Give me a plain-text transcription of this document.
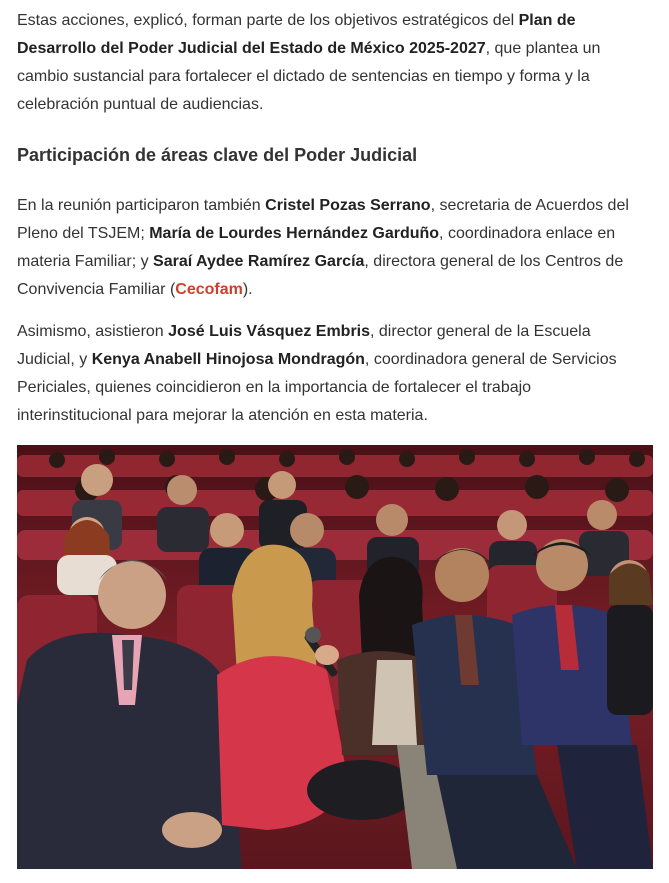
Estas acciones, explicó, forman parte de los objetivos estratégicos del Plan de Desarrollo del Poder Judicial del Estado de México 2025-2027, que plantea un cambio sustancial para fortalecer el dictado de sentencias en tiempo y forma y la celebración puntual de audiencias.

Participación de áreas clave del Poder Judicial

En la reunión participaron también Cristel Pozas Serrano, secretaria de Acuerdos del Pleno del TSJEM; María de Lourdes Hernández Garduño, coordinadora enlace en materia Familiar; y Saraí Aydee Ramírez García, directora general de los Centros de Convivencia Familiar (Cecofam).

Asimismo, asistieron José Luis Vásquez Embris, director general de la Escuela Judicial, y Kenya Anabell Hinojosa Mondragón, coordinadora general de Servicios Periciales, quienes coincidieron en la importancia de fortalecer el trabajo interinstitucional para mejorar la atención en esta materia.
